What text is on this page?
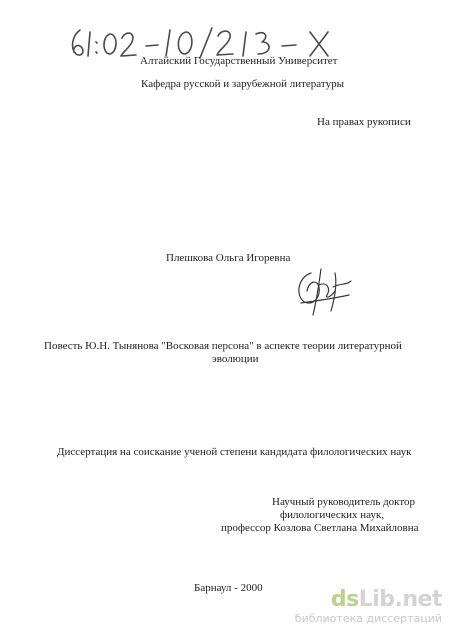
61:02-10/213-X
Алтайский Государственный Университет
Кафедра русской и зарубежной литературы
На правах рукописи
Плешкова Ольга Игоревна
Повесть Ю.Н. Тынянова "Восковая персона" в аспекте теории литературной
эволюции
Диссертация на соискание ученой степени кандидата филологических наук
Научный руководитель доктор
филологических наук,
профессор Козлова Светлана Михайловна
Барнаул - 2000	dsLib.net
библиотека диссертаций
